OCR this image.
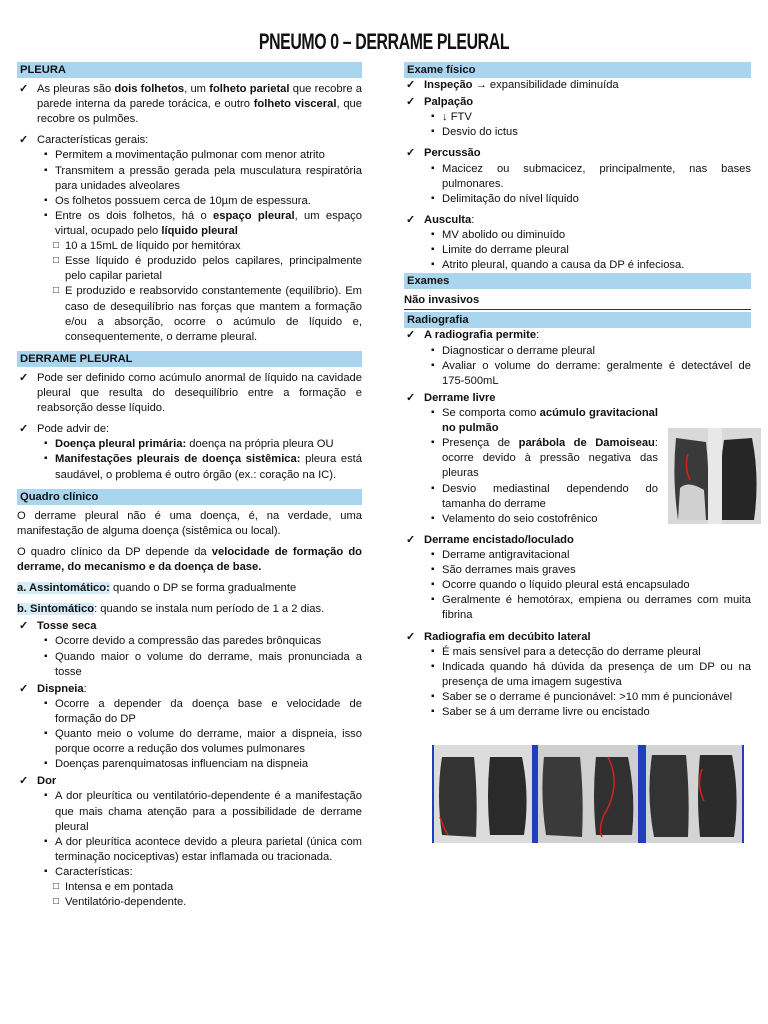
PNEUMO 0 – DERRAME PLEURAL
PLEURA
✓ As pleuras são dois folhetos, um folheto parietal que recobre a parede interna da parede torácica, e outro folheto visceral, que recobre os pulmões.
✓ Características gerais:
▪ Permitem a movimentação pulmonar com menor atrito
▪ Transmitem a pressão gerada pela musculatura respiratória para unidades alveolares
▪ Os folhetos possuem cerca de 10µm de espessura.
▪ Entre os dois folhetos, há o espaço pleural, um espaço virtual, ocupado pelo líquido pleural
□ 10 a 15mL de líquido por hemitórax
□ Esse líquido é produzido pelos capilares, principalmente pelo capilar parietal
□ E produzido e reabsorvido constantemente (equilíbrio). Em caso de desequilíbrio nas forças que mantem a formação e/ou a absorção, ocorre o acúmulo de líquido e, consequentemente, o derrame pleural.
DERRAME PLEURAL
✓ Pode ser definido como acúmulo anormal de líquido na cavidade pleural que resulta do desequilíbrio entre a formação e reabsorção desse líquido.
✓ Pode advir de:
▪ Doença pleural primária: doença na própria pleura OU
▪ Manifestações pleurais de doença sistêmica: pleura está saudável, o problema é outro órgão (ex.: coração na IC).
Quadro clínico

O derrame pleural não é uma doença, é, na verdade, uma manifestação de alguma doença (sistêmica ou local).

O quadro clínico da DP depende da velocidade de formação do derrame, do mecanismo e da doença de base.

a. Assintomático: quando o DP se forma gradualmente

b. Sintomático: quando se instala num período de 1 a 2 dias.

✓ Tosse seca
▪ Ocorre devido a compressão das paredes brônquicas
▪ Quando maior o volume do derrame, mais pronunciada a tosse
✓ Dispneia:
▪ Ocorre a depender da doença base e velocidade de formação do DP
▪ Quanto meio o volume do derrame, maior a dispneia, isso porque ocorre a redução dos volumes pulmonares
▪ Doenças parenquimatosas influenciam na dispneia
✓ Dor
▪ A dor pleurítica ou ventilatório-dependente é a manifestação que mais chama atenção para a possibilidade de derrame pleural
▪ A dor pleurítica acontece devido a pleura parietal (única com terminação nociceptivas) estar inflamada ou tracionada.
▪ Características:
□ Intensa e em pontada
□ Ventilatório-dependente.
Exame físico
✓ Inspeção → expansibilidade diminuída
✓ Palpação
▪ ↓ FTV
▪ Desvio do ictus
✓ Percussão
▪ Macicez ou submacicez, principalmente, nas bases pulmonares.
▪ Delimitação do nível líquido
✓ Ausculta:
▪ MV abolido ou diminuído
▪ Limite do derrame pleural
▪ Atrito pleural, quando a causa da DP é infeciosa.
Exames
Não invasivos
Radiografia
✓ A radiografia permite:
▪ Diagnosticar o derrame pleural
▪ Avaliar o volume do derrame: geralmente é detectável de 175-500mL
✓ Derrame livre
▪ Se comporta como acúmulo gravitacional no pulmão
▪ Presença de parábola de Damoiseau: ocorre devido à pressão negativa das pleuras
▪ Desvio mediastinal dependendo do tamanha do derrame
▪ Velamento do seio costofrênico
✓ Derrame encistado/loculado
▪ Derrame antigravitacional
▪ São derrames mais graves
▪ Ocorre quando o líquido pleural está encapsulado
▪ Geralmente é hemotórax, empiena ou derrames com muita fibrina
✓ Radiografia em decúbito lateral
▪ É mais sensível para a detecção do derrame pleural
▪ Indicada quando há dúvida da presença de um DP ou na presença de uma imagem sugestiva
▪ Saber se o derrame é puncionável: >10 mm é puncionável
▪ Saber se á um derrame livre ou encistado
